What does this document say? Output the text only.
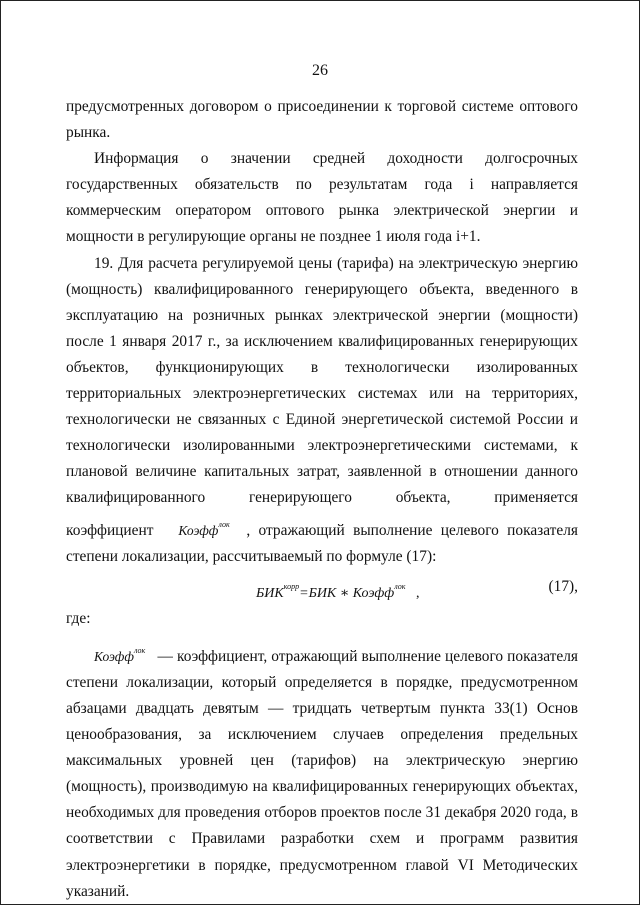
26

предусмотренных договором о присоединении к торговой системе оптового рынка.

Информация о значении средней доходности долгосрочных государственных обязательств по результатам года i направляется коммерческим оператором оптового рынка электрической энергии и мощности в регулирующие органы не позднее 1 июля года i+1.

19. Для расчета регулируемой цены (тарифа) на электрическую энергию (мощность) квалифицированного генерирующего объекта, введенного в эксплуатацию на розничных рынках электрической энергии (мощности) после 1 января 2017 г., за исключением квалифицированных генерирующих объектов, функционирующих в технологически изолированных территориальных электроэнергетических системах или на территориях, технологически не связанных с Единой энергетической системой России и технологически изолированными электроэнергетическими системами, к плановой величине капитальных затрат, заявленной в отношении данного квалифицированного генерирующего объекта, применяется коэффициент Коэфф$^{лок}$ , отражающий выполнение целевого показателя степени локализации, рассчитываемый по формуле (17):

$БИК^{корр}=БИК$ ∗ Коэфф$^{лок}$ ,	(17),

где:

Коэфф$^{лок}$ — коэффициент, отражающий выполнение целевого показателя степени локализации, который определяется в порядке, предусмотренном абзацами двадцать девятым — тридцать четвертым пункта 33(1) Основ ценообразования, за исключением случаев определения предельных максимальных уровней цен (тарифов) на электрическую энергию (мощность), производимую на квалифицированных генерирующих объектах, необходимых для проведения отборов проектов после 31 декабря 2020 года, в соответствии с Правилами разработки схем и программ развития электроэнергетики в порядке, предусмотренном главой VI Методических указаний.
